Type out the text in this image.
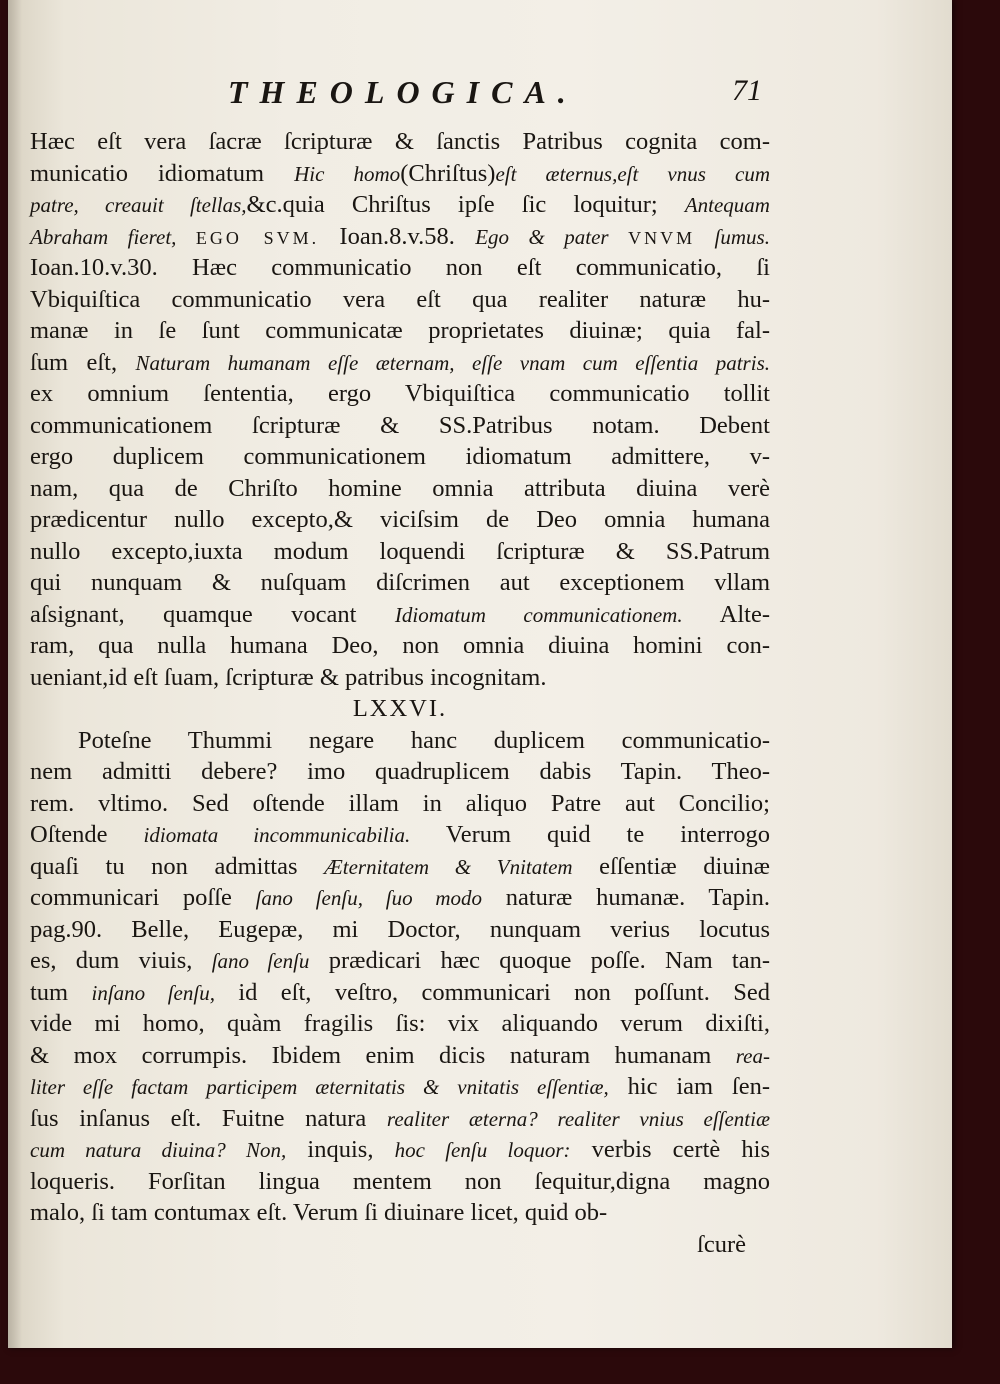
THEOLOGICA.	71
Hæc eſt vera ſacræ ſcripturæ & ſanctis Patribus cognita com-
municatio idiomatum Hic homo(Chriſtus)eſt æternus,eſt vnus cum
patre, creauit ſtellas,&c.quia Chriſtus ipſe ſic loquitur; Antequam
Abraham fieret, EGO SVM. Ioan.8.v.58. Ego & pater VNVM ſumus.
Ioan.10.v.30. Hæc communicatio non eſt communicatio, ſi
Vbiquiſtica communicatio vera eſt qua realiter naturæ hu-
manæ in ſe ſunt communicatæ proprietates diuinæ; quia fal-
ſum eſt, Naturam humanam eſſe æternam, eſſe vnam cum eſſentia patris.
ex omnium ſententia, ergo Vbiquiſtica communicatio tollit
communicationem ſcripturæ & SS.Patribus notam. Debent
ergo duplicem communicationem idiomatum admittere, v-
nam, qua de Chriſto homine omnia attributa diuina verè
prædicentur nullo excepto,& viciſsim de Deo omnia humana
nullo excepto,iuxta modum loquendi ſcripturæ & SS.Patrum
qui nunquam & nuſquam diſcrimen aut exceptionem vllam
aſsignant, quamque vocant Idiomatum communicationem. Alte-
ram, qua nulla humana Deo, non omnia diuina homini con-
ueniant,id eſt ſuam, ſcripturæ & patribus incognitam.
LXXVI.
Poteſne Thummi negare hanc duplicem communicatio-
nem admitti debere? imo quadruplicem dabis Tapin. Theo-
rem. vltimo. Sed oſtende illam in aliquo Patre aut Concilio;
Oſtende idiomata incommunicabilia. Verum quid te interrogo
quaſi tu non admittas Æternitatem & Vnitatem eſſentiæ diuinæ
communicari poſſe ſano ſenſu, ſuo modo naturæ humanæ. Tapin.
pag.90. Belle, Eugepæ, mi Doctor, nunquam verius locutus
es, dum viuis, ſano ſenſu prædicari hæc quoque poſſe. Nam tan-
tum inſano ſenſu, id eſt, veſtro, communicari non poſſunt. Sed
vide mi homo, quàm fragilis ſis: vix aliquando verum dixiſti,
& mox corrumpis. Ibidem enim dicis naturam humanam rea-
liter eſſe factam participem æternitatis & vnitatis eſſentiæ, hic iam ſen-
ſus inſanus eſt. Fuitne natura realiter æterna? realiter vnius eſſentiæ
cum natura diuina? Non, inquis, hoc ſenſu loquor: verbis certè his
loqueris. Forſitan lingua mentem non ſequitur,digna magno
malo, ſi tam contumax eſt. Verum ſi diuinare licet, quid ob-
ſcurè
